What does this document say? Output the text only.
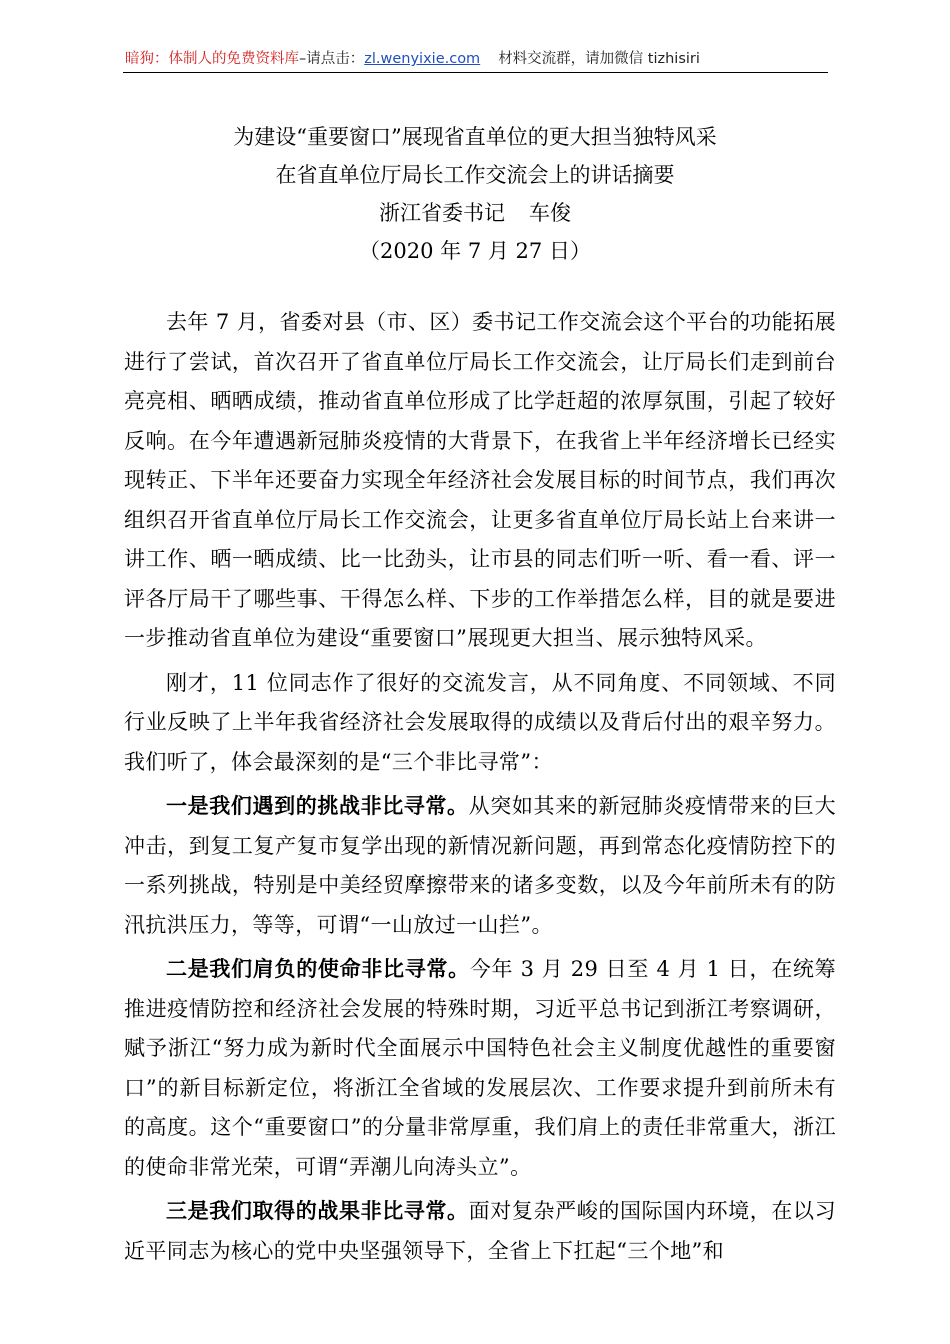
暗狗：体制人的免费资料库–请点击：zl.wenyixie.com 材料交流群，请加微信 tizhisiri
为建设“重要窗口”展现省直单位的更大担当独特风采
在省直单位厅局长工作交流会上的讲话摘要
浙江省委书记 车俊
（2020 年 7 月 27 日）

去年 7 月，省委对县（市、区）委书记工作交流会这个平台的功能拓展进行了尝试，首次召开了省直单位厅局长工作交流会，让厅局长们走到前台亮亮相、晒晒成绩，推动省直单位形成了比学赶超的浓厚氛围，引起了较好反响。在今年遭遇新冠肺炎疫情的大背景下，在我省上半年经济增长已经实现转正、下半年还要奋力实现全年经济社会发展目标的时间节点，我们再次组织召开省直单位厅局长工作交流会，让更多省直单位厅局长站上台来讲一讲工作、晒一晒成绩、比一比劲头，让市县的同志们听一听、看一看、评一评各厅局干了哪些事、干得怎么样、下步的工作举措怎么样，目的就是要进一步推动省直单位为建设“重要窗口”展现更大担当、展示独特风采。

刚才，11 位同志作了很好的交流发言，从不同角度、不同领域、不同行业反映了上半年我省经济社会发展取得的成绩以及背后付出的艰辛努力。我们听了，体会最深刻的是“三个非比寻常”：

一是我们遇到的挑战非比寻常。从突如其来的新冠肺炎疫情带来的巨大冲击，到复工复产复市复学出现的新情况新问题，再到常态化疫情防控下的一系列挑战，特别是中美经贸摩擦带来的诸多变数，以及今年前所未有的防汛抗洪压力，等等，可谓“一山放过一山拦”。

二是我们肩负的使命非比寻常。今年 3 月 29 日至 4 月 1 日，在统筹推进疫情防控和经济社会发展的特殊时期，习近平总书记到浙江考察调研，赋予浙江“努力成为新时代全面展示中国特色社会主义制度优越性的重要窗口”的新目标新定位，将浙江全省域的发展层次、工作要求提升到前所未有的高度。这个“重要窗口”的分量非常厚重，我们肩上的责任非常重大，浙江的使命非常光荣，可谓“弄潮儿向涛头立”。

三是我们取得的战果非比寻常。面对复杂严峻的国际国内环境，在以习近平同志为核心的党中央坚强领导下，全省上下扛起“三个地”和
